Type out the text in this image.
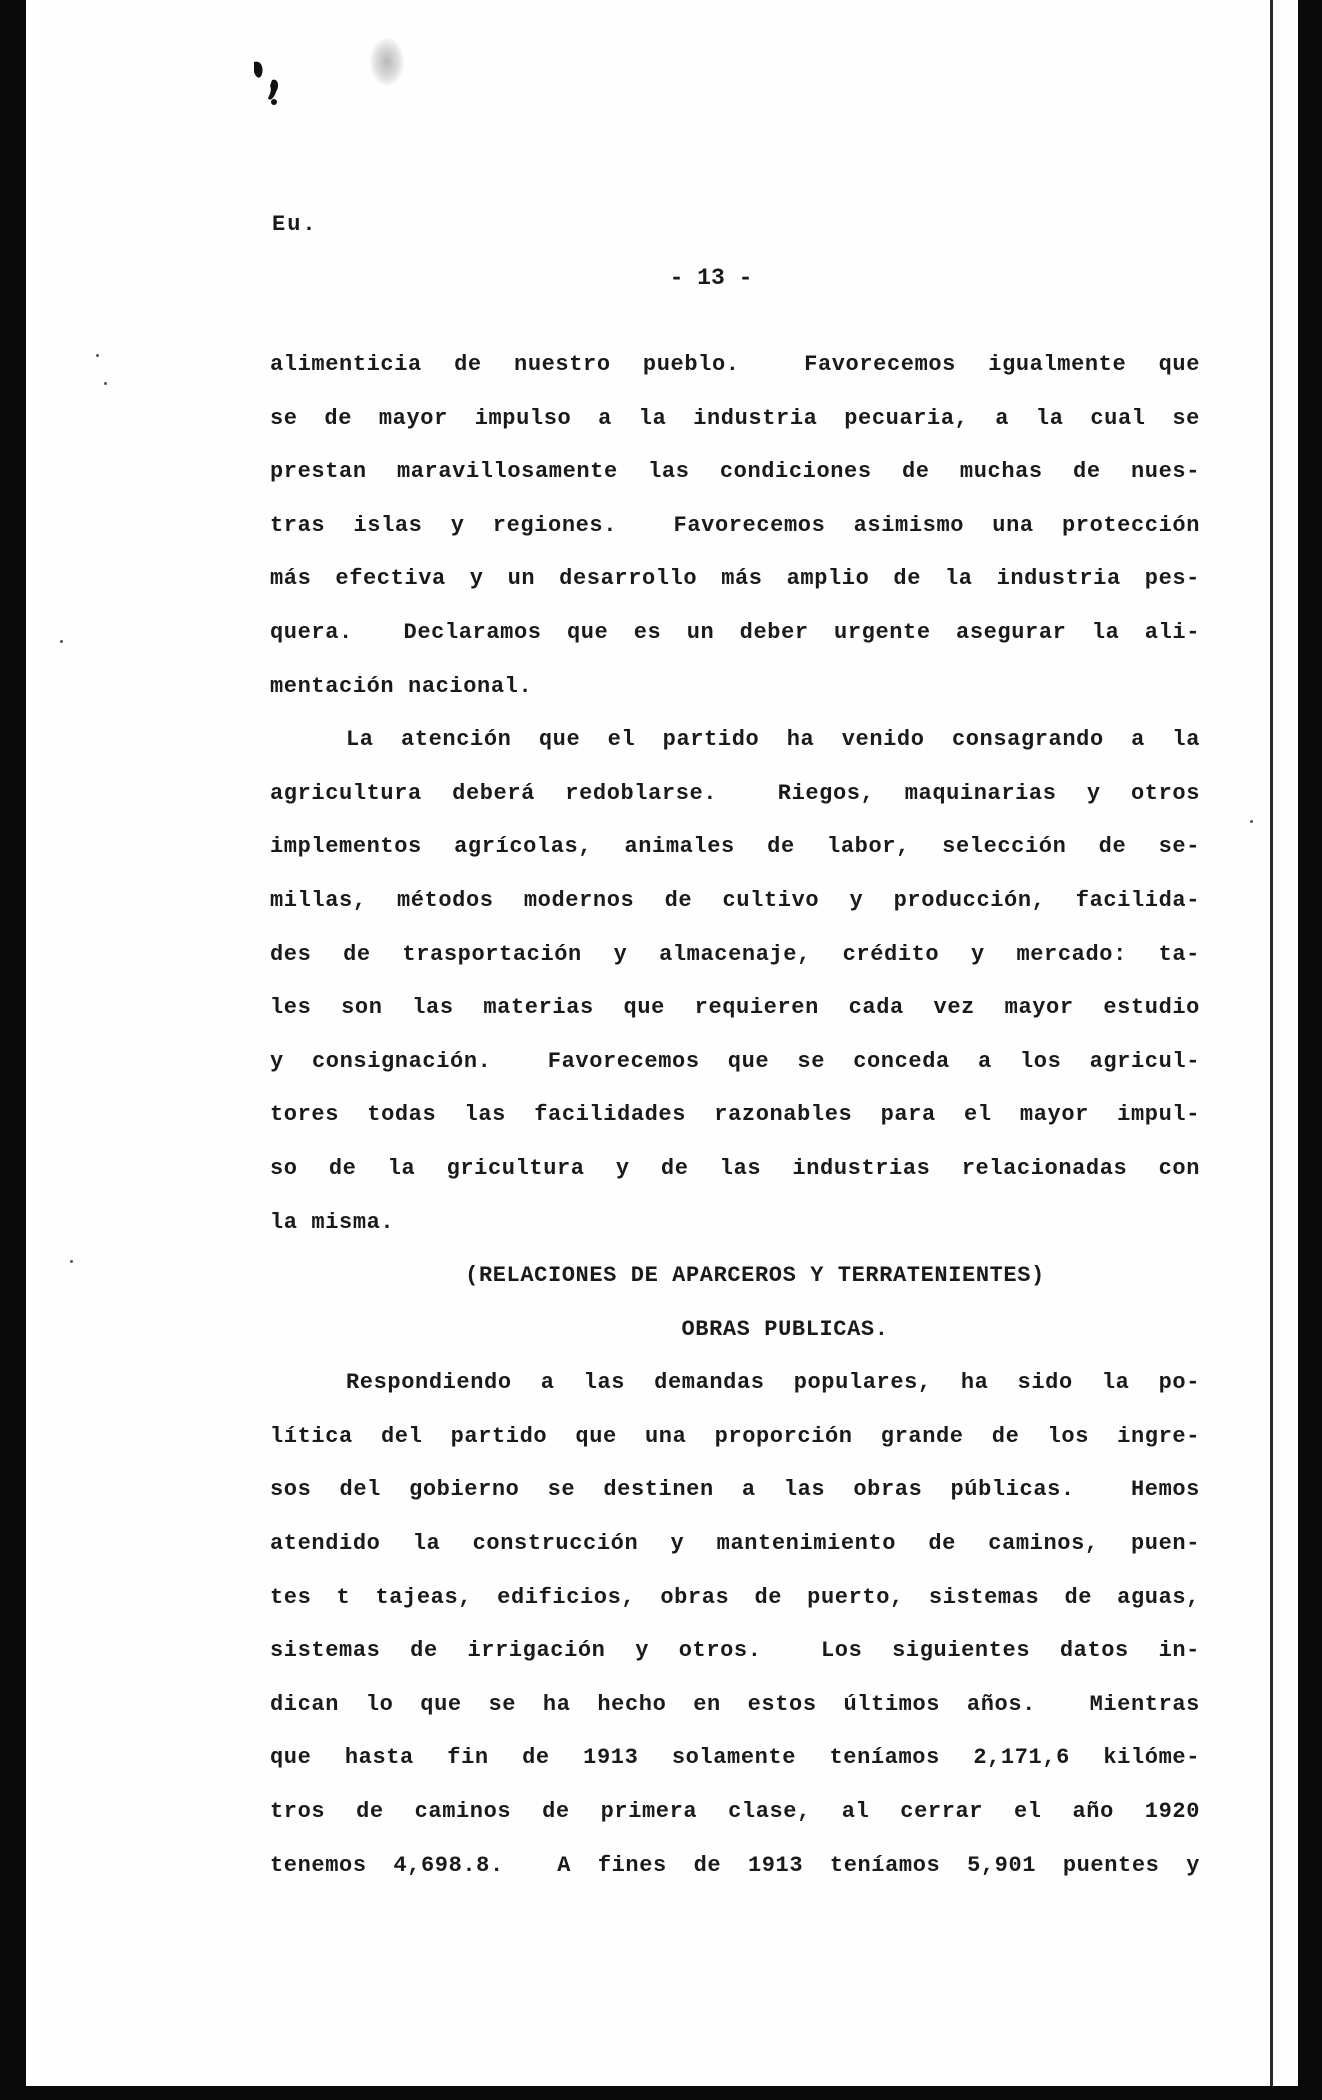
Eu.
- 13 -
alimenticia de nuestro pueblo.  Favorecemos igualmente que
se de mayor impulso a la industria pecuaria, a la cual se
prestan maravillosamente las condiciones de muchas de nues-
tras islas y regiones.  Favorecemos asimismo una protección
más efectiva y un desarrollo más amplio de la industria pes-
quera.  Declaramos que es un deber urgente asegurar la ali-
mentación nacional.
La atención que el partido ha venido consagrando a la
agricultura deberá redoblarse.  Riegos, maquinarias y otros
implementos agrícolas, animales de labor, selección de se-
millas, métodos modernos de cultivo y producción, facilida-
des de trasportación y almacenaje, crédito y mercado: ta-
les son las materias que requieren cada vez mayor estudio
y consignación.  Favorecemos que se conceda a los agricul-
tores todas las facilidades razonables para el mayor impul-
so de la gricultura y de las industrias relacionadas con
la misma.
(RELACIONES DE APARCEROS Y TERRATENIENTES)
OBRAS PUBLICAS.
Respondiendo a las demandas populares, ha sido la po-
lítica del partido que una proporción grande de los ingre-
sos del gobierno se destinen a las obras públicas.  Hemos
atendido la construcción y mantenimiento de caminos, puen-
tes t tajeas, edificios, obras de puerto, sistemas de aguas,
sistemas de irrigación y otros.  Los siguientes datos in-
dican lo que se ha hecho en estos últimos años.  Mientras
que hasta fin de 1913 solamente teníamos 2,171,6 kilóme-
tros de caminos de primera clase, al cerrar el año 1920
tenemos 4,698.8.  A fines de 1913 teníamos 5,901 puentes y
